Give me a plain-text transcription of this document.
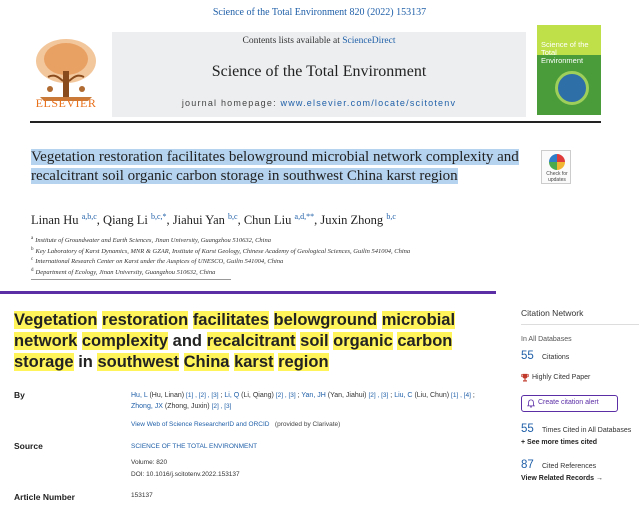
Science of the Total Environment 820 (2022) 153137
ELSEVIER
Contents lists available at ScienceDirect
Science of the Total Environment
journal homepage: www.elsevier.com/locate/scitotenv
Science of the Total Environment
Vegetation restoration facilitates belowground microbial network complexity and recalcitrant soil organic carbon storage in southwest China karst region	Check for updates
Linan Hu $^{a,b,c}$, Qiang Li $^{b,c,*}$, Jiahui Yan $^{b,c}$, Chun Liu $^{a,d,**}$, Juxin Zhong $^{b,c}$
$^a$ Institute of Groundwater and Earth Sciences, Jinan University, Guangzhou 510632, China
$^b$ Key Laboratory of Karst Dynamics, MNR & GZAR, Institute of Karst Geology, Chinese Academy of Geological Sciences, Guilin 541004, China
$^c$ International Research Center on Karst under the Auspices of UNESCO, Guilin 541004, China
$^d$ Department of Ecology, Jinan University, Guangzhou 510632, China
Vegetation restoration facilitates belowground microbial network complexity and recalcitrant soil organic carbon storage in southwest China karst region
By	Hu, L (Hu, Linan) [1] , [2] , [3] ; Li, Q (Li, Qiang) [2] , [3] ; Yan, JH (Yan, Jiahui) [2] , [3] ; Liu, C (Liu, Chun) [1] , [4] ; Zhong, JX (Zhong, Juxin) [2] , [3]
View Web of Science ResearcherID and ORCID (provided by Clarivate)
Source	SCIENCE OF THE TOTAL ENVIRONMENT
Volume: 820
DOI: 10.1016/j.scitotenv.2022.153137
Article Number	153137
Citation Network
In All Databases
55 Citations
Highly Cited Paper
Create citation alert
55 Times Cited in All Databases
+ See more times cited
87 Cited References
View Related Records →
